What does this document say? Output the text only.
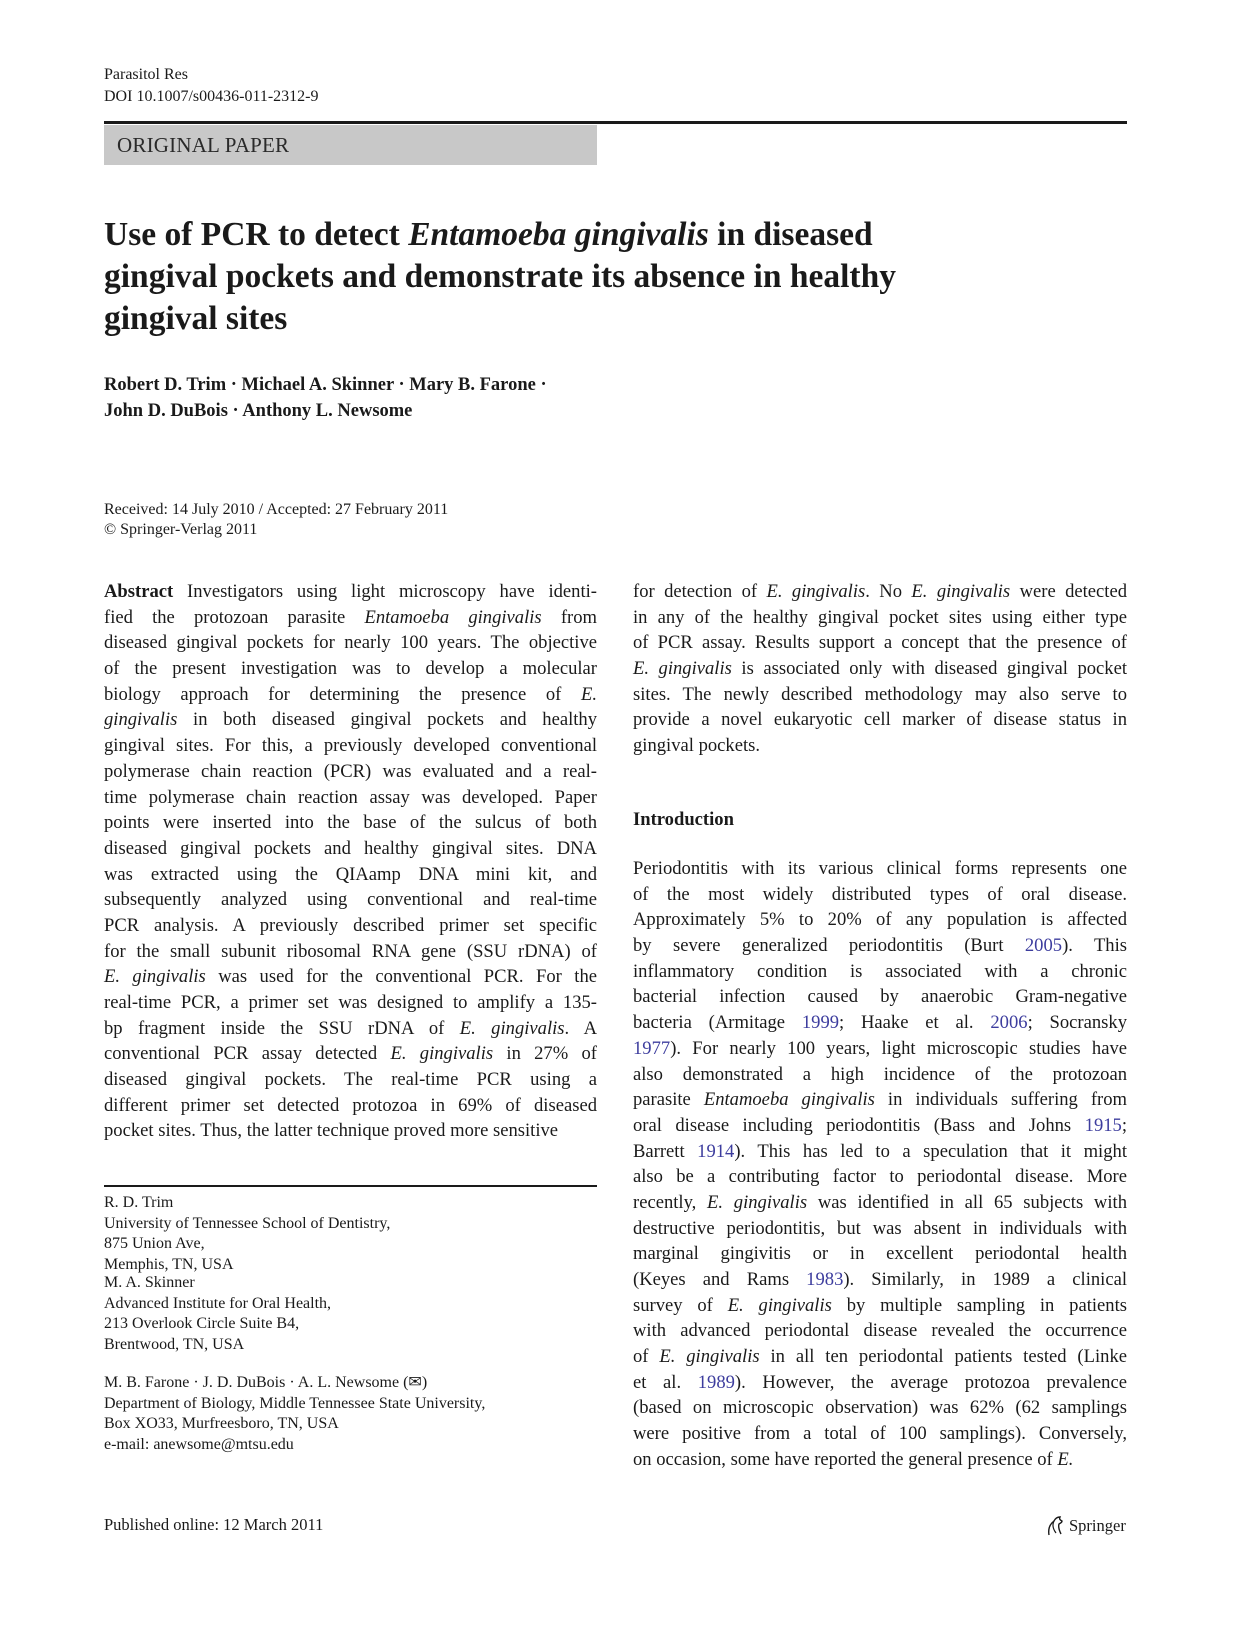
Parasitol Res
DOI 10.1007/s00436-011-2312-9
ORIGINAL PAPER
Use of PCR to detect Entamoeba gingivalis in diseased
gingival pockets and demonstrate its absence in healthy
gingival sites
Robert D. Trim · Michael A. Skinner · Mary B. Farone ·
John D. DuBois · Anthony L. Newsome
Received: 14 July 2010 / Accepted: 27 February 2011
© Springer-Verlag 2011
Abstract Investigators using light microscopy have identi-
fied the protozoan parasite Entamoeba gingivalis from
diseased gingival pockets for nearly 100 years. The objective
of the present investigation was to develop a molecular
biology approach for determining the presence of E.
gingivalis in both diseased gingival pockets and healthy
gingival sites. For this, a previously developed conventional
polymerase chain reaction (PCR) was evaluated and a real-
time polymerase chain reaction assay was developed. Paper
points were inserted into the base of the sulcus of both
diseased gingival pockets and healthy gingival sites. DNA
was extracted using the QIAamp DNA mini kit, and
subsequently analyzed using conventional and real-time
PCR analysis. A previously described primer set specific
for the small subunit ribosomal RNA gene (SSU rDNA) of
E. gingivalis was used for the conventional PCR. For the
real-time PCR, a primer set was designed to amplify a 135-
bp fragment inside the SSU rDNA of E. gingivalis. A
conventional PCR assay detected E. gingivalis in 27% of
diseased gingival pockets. The real-time PCR using a
different primer set detected protozoa in 69% of diseased
pocket sites. Thus, the latter technique proved more sensitive
for detection of E. gingivalis. No E. gingivalis were detected
in any of the healthy gingival pocket sites using either type
of PCR assay. Results support a concept that the presence of
E. gingivalis is associated only with diseased gingival pocket
sites. The newly described methodology may also serve to
provide a novel eukaryotic cell marker of disease status in
gingival pockets.
Introduction
Periodontitis with its various clinical forms represents one
of the most widely distributed types of oral disease.
Approximately 5% to 20% of any population is affected
by severe generalized periodontitis (Burt 2005). This
inflammatory condition is associated with a chronic
bacterial infection caused by anaerobic Gram-negative
bacteria (Armitage 1999; Haake et al. 2006; Socransky
1977). For nearly 100 years, light microscopic studies have
also demonstrated a high incidence of the protozoan
parasite Entamoeba gingivalis in individuals suffering from
oral disease including periodontitis (Bass and Johns 1915;
Barrett 1914). This has led to a speculation that it might
also be a contributing factor to periodontal disease. More
recently, E. gingivalis was identified in all 65 subjects with
destructive periodontitis, but was absent in individuals with
marginal gingivitis or in excellent periodontal health
(Keyes and Rams 1983). Similarly, in 1989 a clinical
survey of E. gingivalis by multiple sampling in patients
with advanced periodontal disease revealed the occurrence
of E. gingivalis in all ten periodontal patients tested (Linke
et al. 1989). However, the average protozoa prevalence
(based on microscopic observation) was 62% (62 samplings
were positive from a total of 100 samplings). Conversely,
on occasion, some have reported the general presence of E.
R. D. Trim
University of Tennessee School of Dentistry,
875 Union Ave,
Memphis, TN, USA
M. A. Skinner
Advanced Institute for Oral Health,
213 Overlook Circle Suite B4,
Brentwood, TN, USA
M. B. Farone · J. D. DuBois · A. L. Newsome (✉)
Department of Biology, Middle Tennessee State University,
Box XO33, Murfreesboro, TN, USA
e-mail: anewsome@mtsu.edu
Published online: 12 March 2011	Springer
